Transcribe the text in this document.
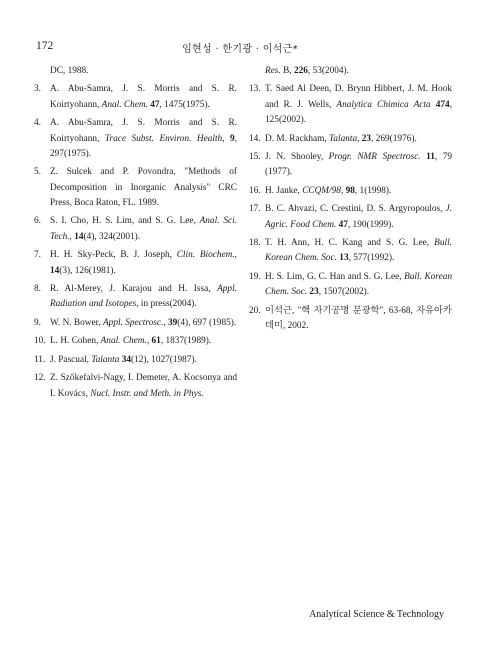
172	임현성 · 한기광 · 이석근*
DC, 1988.
3. A. Abu-Samra, J. S. Morris and S. R. Koirtyohann, Anal. Chem. 47, 1475(1975).
4. A. Abu-Samra, J. S. Morris and S. R. Koirtyohann, Trace Subst. Environ. Health, 9, 297(1975).
5. Z. Sulcek and P. Povondra, "Methods of Decomposition in Inorganic Analysis" CRC Press, Boca Raton, FL. 1989.
6. S. I. Cho, H. S. Lim, and S. G. Lee, Anal. Sci. Tech., 14(4), 324(2001).
7. H. H. Sky-Peck, B. J. Joseph, Clin. Biochem., 14(3), 126(1981).
8. R. Al-Merey, J. Karajou and H. Issa, Appl. Radiation and Isotopes, in press(2004).
9. W. N. Bower, Appl. Spectrosc., 39(4), 697 (1985).
10. L. H. Cohen, Anal. Chem., 61, 1837(1989).
11. J. Pascual, Talanta 34(12), 1027(1987).
12. Z. Szőkefalvi-Nagy, I. Demeter, A. Kocsonya and I. Kovács, Nucl. Instr. and Meth. in Phys.
Res. B, 226, 53(2004).
13. T. Saed Al Deen, D. Brynn Hibbert, J. M. Hook and R. J. Wells, Analytica Chimica Acta 474, 125(2002).
14. D. M. Rackham, Talanta, 23, 269(1976).
15. J. N. Shooley, Progr. NMR Spectrosc. 11, 79 (1977).
16. H. Janke, CCQM/98, 98, 1(1998).
17. B. C. Ahvazi, C. Crestini, D. S. Argyropoulos, J. Agric. Food Chem. 47, 190(1999).
18. T. H. Ann, H. C. Kang and S. G. Lee, Bull. Korean Chem. Soc. 13, 577(1992).
19. H. S. Lim, G. C. Han and S. G. Lee, Bull. Korean Chem. Soc. 23, 1507(2002).
20. 이석근, "핵 자기공명 분광학", 63-68, 자유아카데미, 2002.
Analytical Science & Technology
